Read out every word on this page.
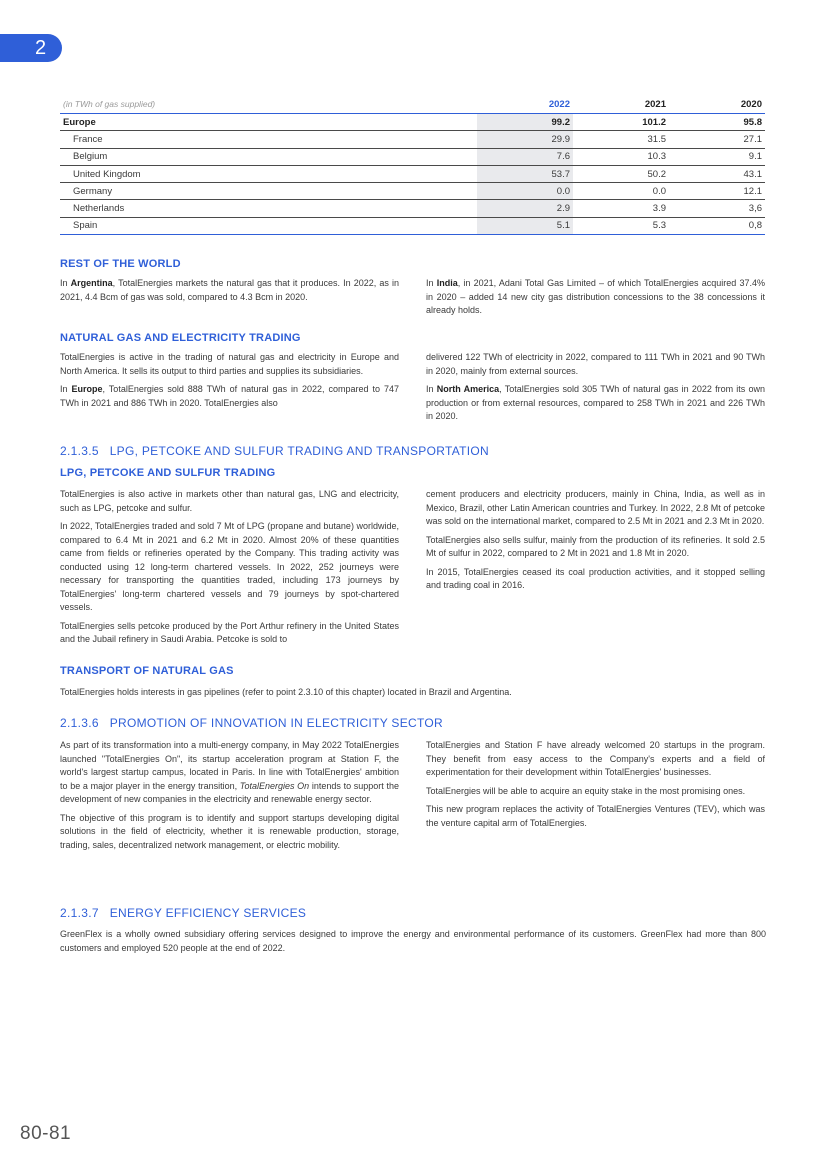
2
(in TWh of gas supplied)	2022	2021	2020
Europe	99.2	101.2	95.8
France	29.9	31.5	27.1
Belgium	7.6	10.3	9.1
United Kingdom	53.7	50.2	43.1
Germany	0.0	0.0	12.1
Netherlands	2.9	3.9	3,6
Spain	5.1	5.3	0,8
REST OF THE WORLD

In Argentina, TotalEnergies markets the natural gas that it produces. In 2022, as in 2021, 4.4 Bcm of gas was sold, compared to 4.3 Bcm in 2020.

In India, in 2021, Adani Total Gas Limited – of which TotalEnergies acquired 37.4% in 2020 – added 14 new city gas distribution concessions to the 38 concessions it already holds.

NATURAL GAS AND ELECTRICITY TRADING

TotalEnergies is active in the trading of natural gas and electricity in Europe and North America. It sells its output to third parties and supplies its subsidiaries.

In Europe, TotalEnergies sold 888 TWh of natural gas in 2022, compared to 747 TWh in 2021 and 886 TWh in 2020. TotalEnergies also

delivered 122 TWh of electricity in 2022, compared to 111 TWh in 2021 and 90 TWh in 2020, mainly from external sources.

In North America, TotalEnergies sold 305 TWh of natural gas in 2022 from its own production or from external resources, compared to 258 TWh in 2021 and 226 TWh in 2020.

2.1.3.5   LPG, PETCOKE AND SULFUR TRADING AND TRANSPORTATION
LPG, PETCOKE AND SULFUR TRADING

TotalEnergies is also active in markets other than natural gas, LNG and electricity, such as LPG, petcoke and sulfur.

In 2022, TotalEnergies traded and sold 7 Mt of LPG (propane and butane) worldwide, compared to 6.4 Mt in 2021 and 6.2 Mt in 2020. Almost 20% of these quantities came from fields or refineries operated by the Company. This trading activity was conducted using 12 long-term chartered vessels. In 2022, 252 journeys were necessary for transporting the quantities traded, including 173 journeys by TotalEnergies' long-term chartered vessels and 79 journeys by spot-chartered vessels.

TotalEnergies sells petcoke produced by the Port Arthur refinery in the United States and the Jubail refinery in Saudi Arabia. Petcoke is sold to

cement producers and electricity producers, mainly in China, India, as well as in Mexico, Brazil, other Latin American countries and Turkey. In 2022, 2.8 Mt of petcoke was sold on the international market, compared to 2.5 Mt in 2021 and 2.3 Mt in 2020.

TotalEnergies also sells sulfur, mainly from the production of its refineries. It sold 2.5 Mt of sulfur in 2022, compared to 2 Mt in 2021 and 1.8 Mt in 2020.

In 2015, TotalEnergies ceased its coal production activities, and it stopped selling and trading coal in 2016.

TRANSPORT OF NATURAL GAS

TotalEnergies holds interests in gas pipelines (refer to point 2.3.10 of this chapter) located in Brazil and Argentina.

2.1.3.6   PROMOTION OF INNOVATION IN ELECTRICITY SECTOR

As part of its transformation into a multi-energy company, in May 2022 TotalEnergies launched "TotalEnergies On", its startup acceleration program at Station F, the world's largest startup campus, located in Paris. In line with TotalEnergies' ambition to be a major player in the energy transition, TotalEnergies On intends to support the development of new companies in the electricity and renewable energy sector.

The objective of this program is to identify and support startups developing digital solutions in the field of electricity, whether it is renewable production, storage, trading, sales, decentralized network management, or electric mobility.

TotalEnergies and Station F have already welcomed 20 startups in the program. They benefit from easy access to the Company's experts and a field of experimentation for their development within TotalEnergies' businesses.

TotalEnergies will be able to acquire an equity stake in the most promising ones.

This new program replaces the activity of TotalEnergies Ventures (TEV), which was the venture capital arm of TotalEnergies.

2.1.3.7   ENERGY EFFICIENCY SERVICES

GreenFlex is a wholly owned subsidiary offering services designed to improve the energy and environmental performance of its customers. GreenFlex had more than 800 customers and employed 520 people at the end of 2022.

80-81
